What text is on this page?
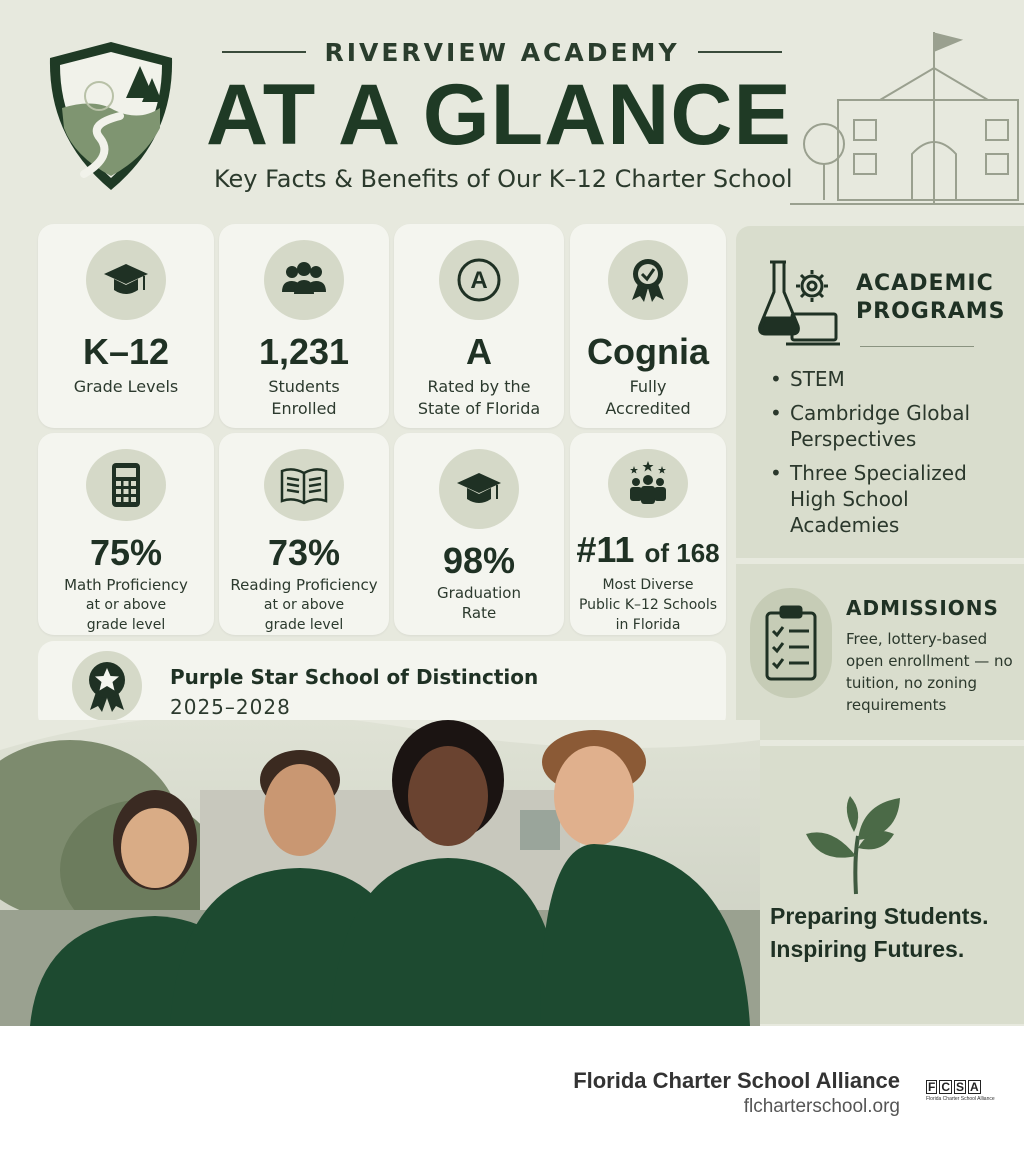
RIVERVIEW ACADEMY
AT A GLANCE
Key Facts & Benefits of Our K–12 Charter School
K–12
Grade Levels
1,231
Students
Enrolled
A
A
Rated by the
State of Florida
Cognia
Fully
Accredited
75%
Math Proficiency
at or above
grade level
73%
Reading Proficiency
at or above
grade level
98%
Graduation
Rate
#11 of 168
Most Diverse
Public K–12 Schools
in Florida
Purple Star School of Distinction
2025–2028
ACADEMIC
PROGRAMS
• STEM
• Cambridge Global Perspectives
• Three Specialized High School Academies
ADMISSIONS
Free, lottery-based open enrollment — no tuition, no zoning requirements
Preparing Students.
Inspiring Futures.
Florida Charter School Alliance
flcharterschool.org
F C S A
Florida Charter School Alliance
